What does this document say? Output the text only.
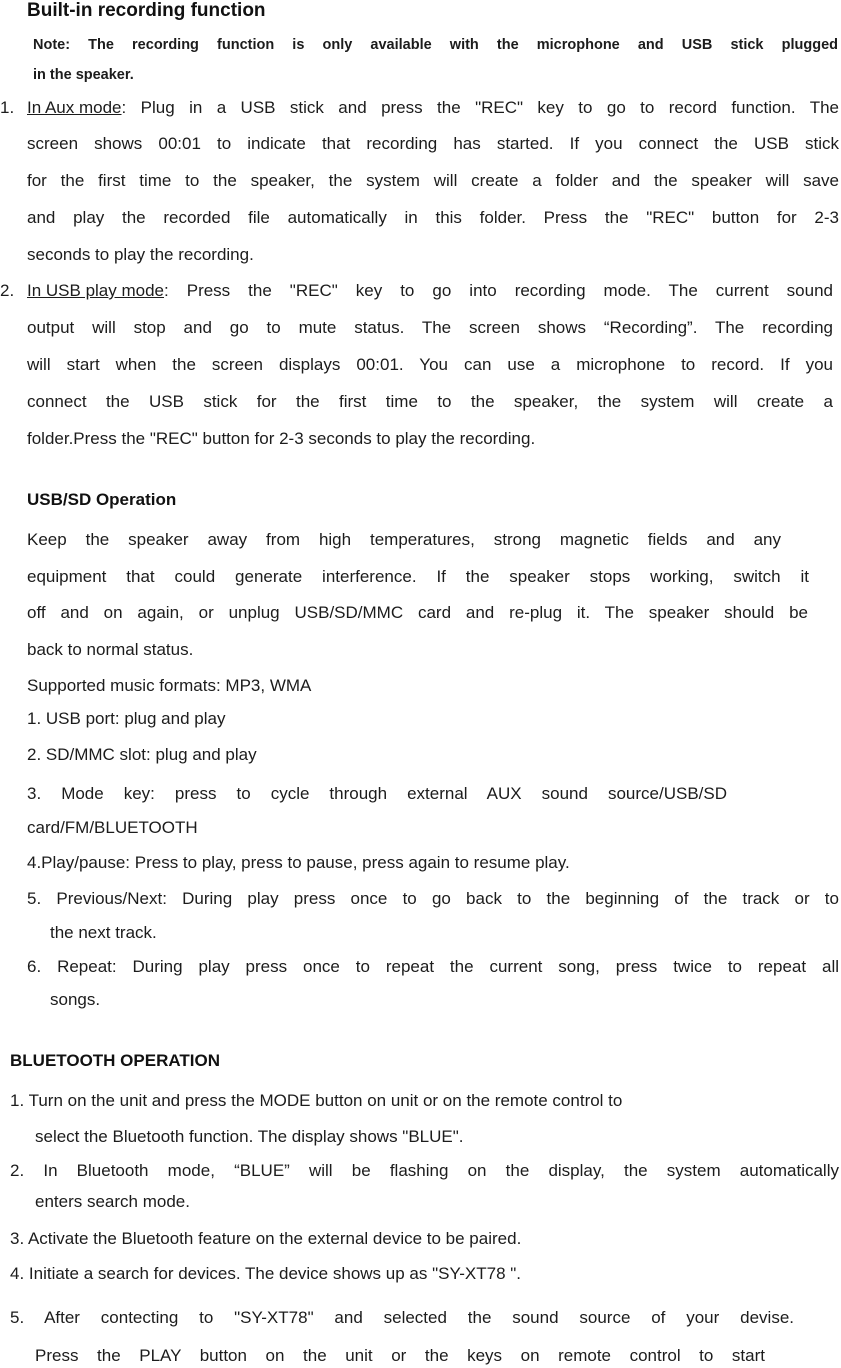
Built-in recording function
Note: The recording function is only available with the microphone and USB stick plugged
in the speaker.
1. In Aux mode : Plug in a USB stick and press the "REC" key to go to record function. The
screen shows 00:01 to indicate that recording has started. If you connect the USB stick
for the first time to the speaker, the system will create a folder and the speaker will save
and play the recorded file automatically in this folder. Press the "REC" button for 2-3
seconds to play the recording.
2. In USB play mode : Press the "REC" key to go into recording mode. The current sound
output will stop and go to mute status. The screen shows “Recording”. The recording
will start when the screen displays 00:01. You can use a microphone to record. If you
connect the USB stick for the first time to the speaker, the system will create a
folder.Press the "REC" button for 2-3 seconds to play the recording.
USB/SD Operation
Keep the speaker away from high temperatures, strong magnetic fields and any
equipment that could generate interference. If the speaker stops working, switch it
off and on again, or unplug USB/SD/MMC card and re-plug it. The speaker should be
back to normal status.
Supported music formats: MP3, WMA
1. USB port: plug and play
2. SD/MMC slot: plug and play
3. Mode key: press to cycle through external AUX sound source/USB/SD
card/FM/BLUETOOTH
4.Play/pause: Press to play, press to pause, press again to resume play.
5. Previous/Next: During play press once to go back to the beginning of the track or to
the next track.
6. Repeat: During play press once to repeat the current song, press twice to repeat all
songs.
BLUETOOTH OPERATION
1. Turn on the unit and press the MODE button on unit or on the remote control to
select the Bluetooth function. The display shows "BLUE".
2. In Bluetooth mode, “BLUE” will be flashing on the display, the system automatically
enters search mode.
3. Activate the Bluetooth feature on the external device to be paired.
4. Initiate a search for devices. The device shows up as "SY-XT78 ".
5. After contecting to "SY-XT78" and selected the sound source of your devise.
Press the PLAY button on the unit or the keys on remote control to start
